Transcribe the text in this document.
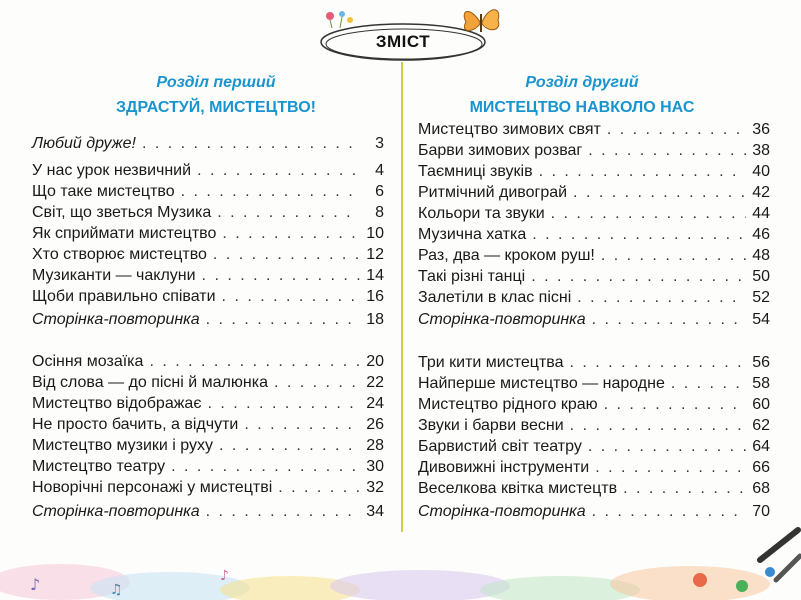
ЗМІСТ
Розділ перший
ЗДРАСТУЙ, МИСТЕЦТВО!
Любий друже! . . .	3
У нас урок незвичний . . .	4
Що таке мистецтво . . .	6
Світ, що зветься Музика . . .	8
Як сприймати мистецтво . . .	10
Хто створює мистецтво . . .	12
Музиканти — чаклуни . . .	14
Щоби правильно співати . . .	16
Сторінка-повторинка . . .	18
Осіння мозаїка . . .	20
Від слова — до пісні й малюнка . . .	22
Мистецтво відображає . . .	24
Не просто бачить, а відчути . . .	26
Мистецтво музики і руху . . .	28
Мистецтво театру . . .	30
Новорічні персонажі у мистецтві . . .	32
Сторінка-повторинка . . .	34
Розділ другий
МИСТЕЦТВО НАВКОЛО НАС
Мистецтво зимових свят . . .	36
Барви зимових розваг . . .	38
Таємниці звуків . . .	40
Ритмічний дивограй . . .	42
Кольори та звуки . . .	44
Музична хатка . . .	46
Раз, два — кроком руш! . . .	48
Такі різні танці . . .	50
Залетіли в клас пісні . . .	52
Сторінка-повторинка . . .	54
Три кити мистецтва . . .	56
Найперше мистецтво — народне . . .	58
Мистецтво рідного краю . . .	60
Звуки і барви весни . . .	62
Барвистий світ театру . . .	64
Дивовижні інструменти . . .	66
Веселкова квітка мистецтв . . .	68
Сторінка-повторинка . . .	70
♪	♫
♪
